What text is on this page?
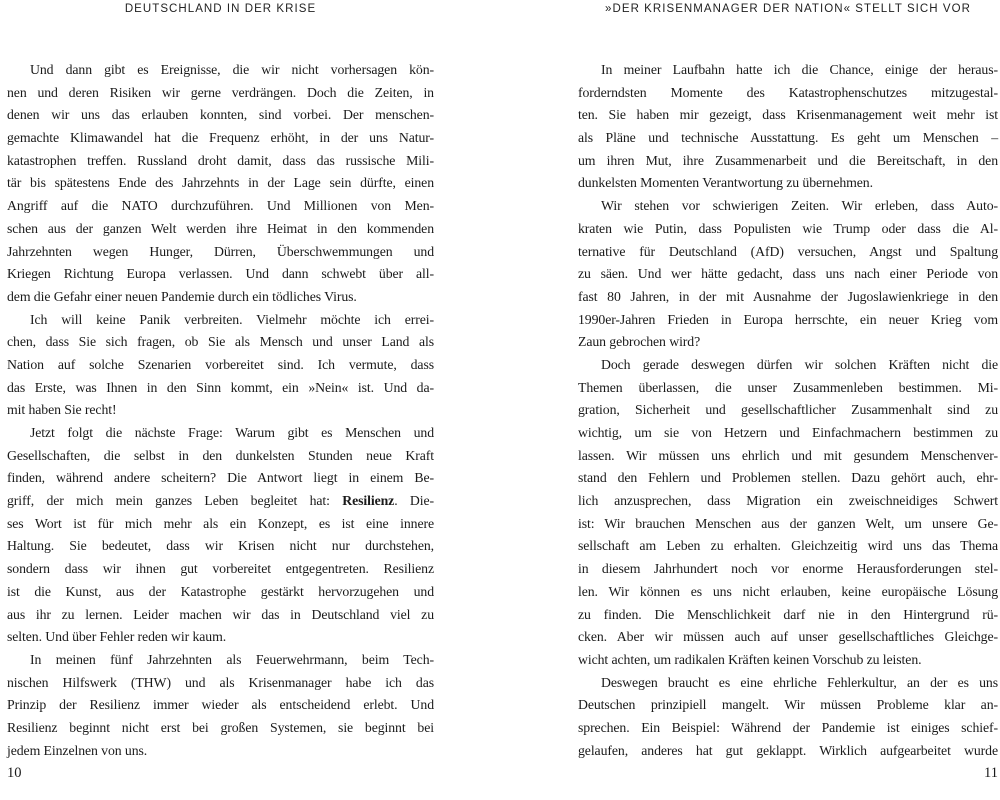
DEUTSCHLAND IN DER KRISE
Und dann gibt es Ereignisse, die wir nicht vorhersagen kön-
nen und deren Risiken wir gerne verdrängen. Doch die Zeiten, in
denen wir uns das erlauben konnten, sind vorbei. Der menschen-
gemachte Klimawandel hat die Frequenz erhöht, in der uns Natur-
katastrophen treffen. Russland droht damit, dass das russische Mili-
tär bis spätestens Ende des Jahrzehnts in der Lage sein dürfte, einen
Angriff auf die NATO durchzuführen. Und Millionen von Men-
schen aus der ganzen Welt werden ihre Heimat in den kommenden
Jahrzehnten wegen Hunger, Dürren, Überschwemmungen und
Kriegen Richtung Europa verlassen. Und dann schwebt über all-
dem die Gefahr einer neuen Pandemie durch ein tödliches Virus.
Ich will keine Panik verbreiten. Vielmehr möchte ich errei-
chen, dass Sie sich fragen, ob Sie als Mensch und unser Land als
Nation auf solche Szenarien vorbereitet sind. Ich vermute, dass
das Erste, was Ihnen in den Sinn kommt, ein »Nein« ist. Und da-
mit haben Sie recht!
Jetzt folgt die nächste Frage: Warum gibt es Menschen und
Gesellschaften, die selbst in den dunkelsten Stunden neue Kraft
finden, während andere scheitern? Die Antwort liegt in einem Be-
griff, der mich mein ganzes Leben begleitet hat: Resilienz. Die-
ses Wort ist für mich mehr als ein Konzept, es ist eine innere
Haltung. Sie bedeutet, dass wir Krisen nicht nur durchstehen,
sondern dass wir ihnen gut vorbereitet entgegentreten. Resilienz
ist die Kunst, aus der Katastrophe gestärkt hervorzugehen und
aus ihr zu lernen. Leider machen wir das in Deutschland viel zu
selten. Und über Fehler reden wir kaum.
In meinen fünf Jahrzehnten als Feuerwehrmann, beim Tech-
nischen Hilfswerk (THW) und als Krisenmanager habe ich das
Prinzip der Resilienz immer wieder als entscheidend erlebt. Und
Resilienz beginnt nicht erst bei großen Systemen, sie beginnt bei
jedem Einzelnen von uns.
10
»DER KRISENMANAGER DER NATION« STELLT SICH VOR
In meiner Laufbahn hatte ich die Chance, einige der heraus-
forderndsten Momente des Katastrophenschutzes mitzugestal-
ten. Sie haben mir gezeigt, dass Krisenmanagement weit mehr ist
als Pläne und technische Ausstattung. Es geht um Menschen –
um ihren Mut, ihre Zusammenarbeit und die Bereitschaft, in den
dunkelsten Momenten Verantwortung zu übernehmen.
Wir stehen vor schwierigen Zeiten. Wir erleben, dass Auto-
kraten wie Putin, dass Populisten wie Trump oder dass die Al-
ternative für Deutschland (AfD) versuchen, Angst und Spaltung
zu säen. Und wer hätte gedacht, dass uns nach einer Periode von
fast 80 Jahren, in der mit Ausnahme der Jugoslawienkriege in den
1990er-Jahren Frieden in Europa herrschte, ein neuer Krieg vom
Zaun gebrochen wird?
Doch gerade deswegen dürfen wir solchen Kräften nicht die
Themen überlassen, die unser Zusammenleben bestimmen. Mi-
gration, Sicherheit und gesellschaftlicher Zusammenhalt sind zu
wichtig, um sie von Hetzern und Einfachmachern bestimmen zu
lassen. Wir müssen uns ehrlich und mit gesundem Menschenver-
stand den Fehlern und Problemen stellen. Dazu gehört auch, ehr-
lich anzusprechen, dass Migration ein zweischneidiges Schwert
ist: Wir brauchen Menschen aus der ganzen Welt, um unsere Ge-
sellschaft am Leben zu erhalten. Gleichzeitig wird uns das Thema
in diesem Jahrhundert noch vor enorme Herausforderungen stel-
len. Wir können es uns nicht erlauben, keine europäische Lösung
zu finden. Die Menschlichkeit darf nie in den Hintergrund rü-
cken. Aber wir müssen auch auf unser gesellschaftliches Gleichge-
wicht achten, um radikalen Kräften keinen Vorschub zu leisten.
Deswegen braucht es eine ehrliche Fehlerkultur, an der es uns
Deutschen prinzipiell mangelt. Wir müssen Probleme klar an-
sprechen. Ein Beispiel: Während der Pandemie ist einiges schief-
gelaufen, anderes hat gut geklappt. Wirklich aufgearbeitet wurde
11
